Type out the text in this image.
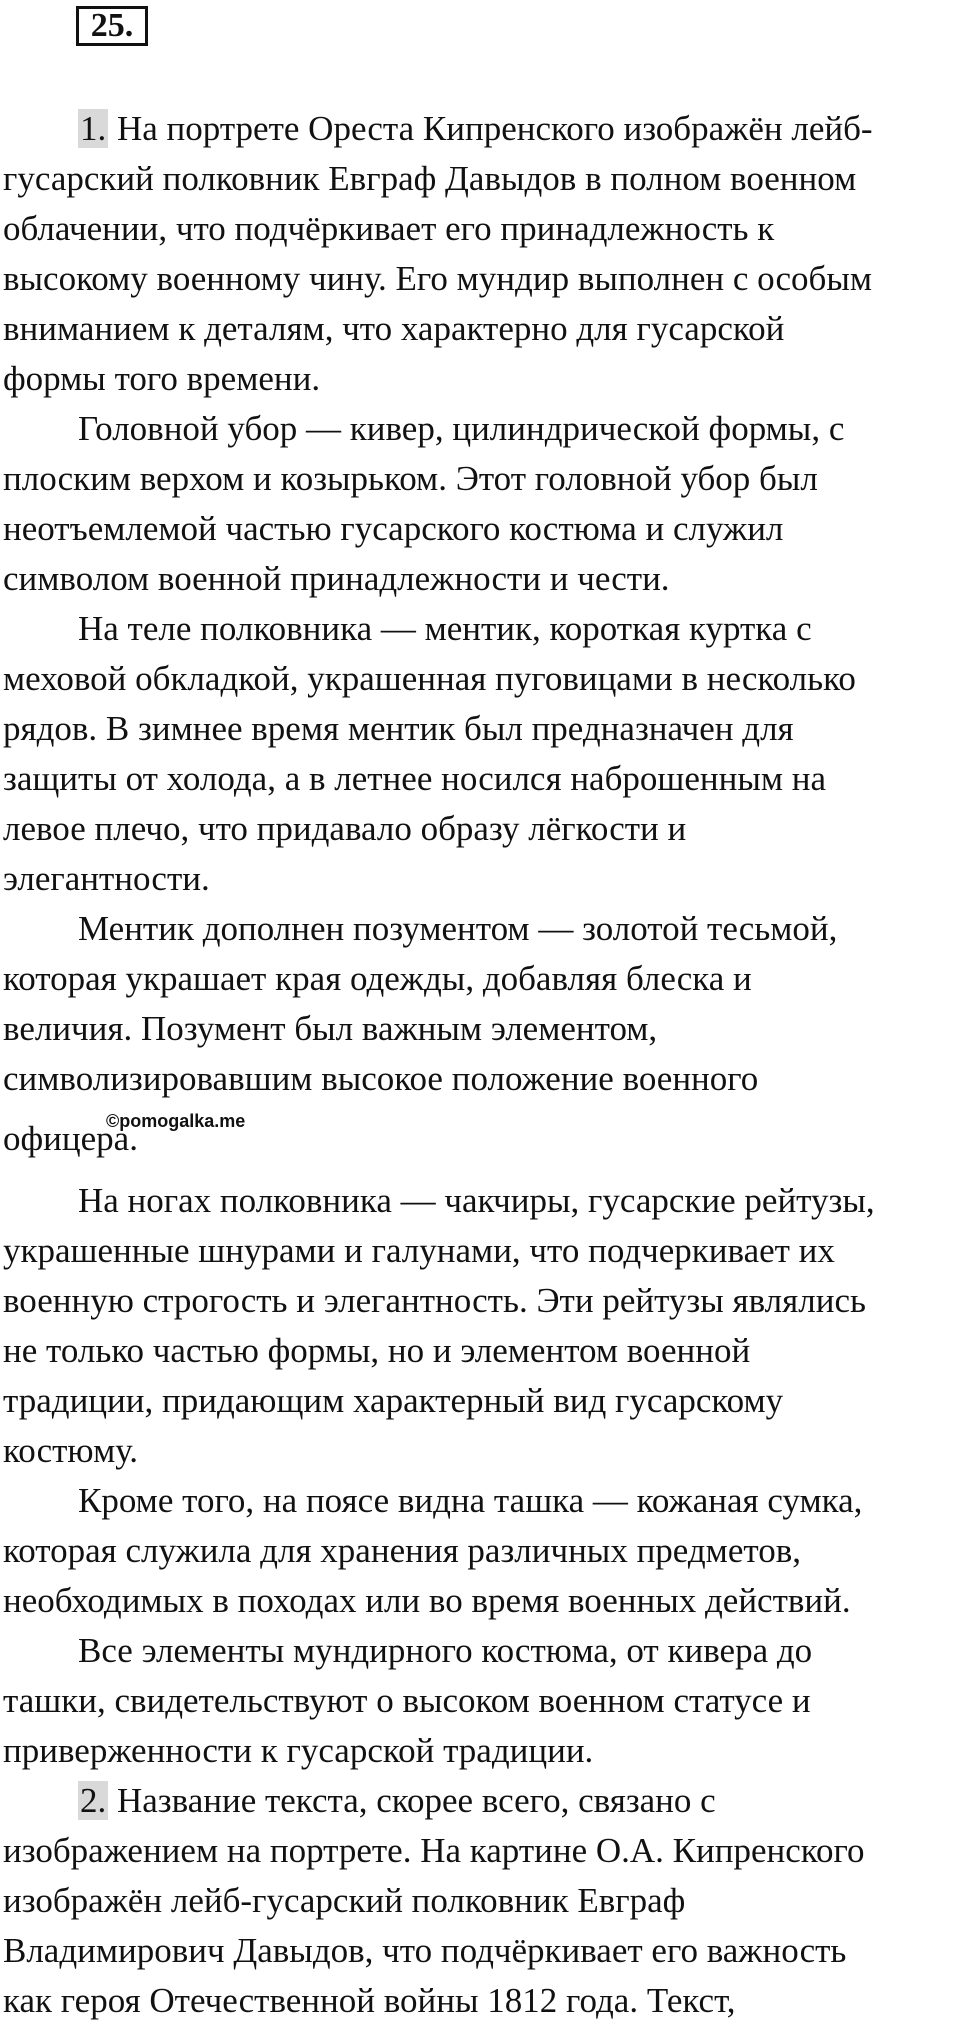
25.
1. На портрете Ореста Кипренского изображён лейб-
гусарский полковник Евграф Давыдов в полном военном
облачении, что подчёркивает его принадлежность к
высокому военному чину. Его мундир выполнен с особым
вниманием к деталям, что характерно для гусарской
формы того времени.
Головной убор — кивер, цилиндрической формы, с
плоским верхом и козырьком. Этот головной убор был
неотъемлемой частью гусарского костюма и служил
символом военной принадлежности и чести.
На теле полковника — ментик, короткая куртка с
меховой обкладкой, украшенная пуговицами в несколько
рядов. В зимнее время ментик был предназначен для
защиты от холода, а в летнее носился наброшенным на
левое плечо, что придавало образу лёгкости и
элегантности.
Ментик дополнен позументом — золотой тесьмой,
которая украшает края одежды, добавляя блеска и
величия. Позумент был важным элементом,
символизировавшим высокое положение военного
офицера.
©pomogalka.me
На ногах полковника — чакчиры, гусарские рейтузы,
украшенные шнурами и галунами, что подчеркивает их
военную строгость и элегантность. Эти рейтузы являлись
не только частью формы, но и элементом военной
традиции, придающим характерный вид гусарскому
костюму.
Кроме того, на поясе видна ташка — кожаная сумка,
которая служила для хранения различных предметов,
необходимых в походах или во время военных действий.
Все элементы мундирного костюма, от кивера до
ташки, свидетельствуют о высоком военном статусе и
приверженности к гусарской традиции.
2. Название текста, скорее всего, связано с
изображением на портрете. На картине О.А. Кипренского
изображён лейб-гусарский полковник Евграф
Владимирович Давыдов, что подчёркивает его важность
как героя Отечественной войны 1812 года. Текст,
